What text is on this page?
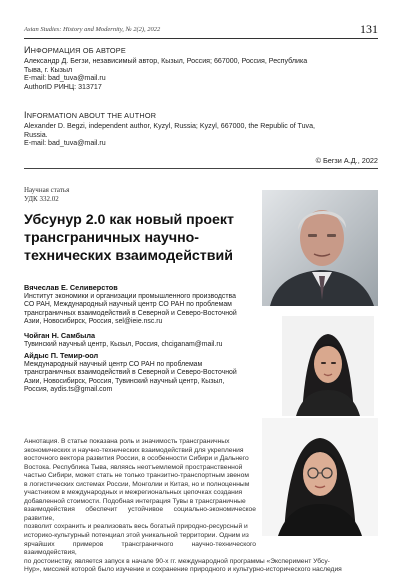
Asian Studies: History and Modernity, № 2(2), 2022	131
ИНФОРМАЦИЯ ОБ АВТОРЕ
Александр Д. Бегзи, независимый автор, Кызыл, Россия; 667000, Россия, Республика
Тыва, г. Кызыл
E-mail: bad_tuva@mail.ru
AuthorID РИНЦ: 313717
INFORMATION ABOUT THE AUTHOR
Alexander D. Begzi, independent author, Kyzyl, Russia; Kyzyl, 667000, the Republic of Tuva,
Russia.
E-mail: bad_tuva@mail.ru
© Бегзи А.Д., 2022
Научная статья
УДК 332.02
Убсунур 2.0 как новый проект
трансграничных научно-
технических взаимодействий
Вячеслав Е. Селиверстов
Институт экономики и организации промышленного производства
СО РАН, Международный научный центр СО РАН по проблемам
трансграничных взаимодействий в Северной и Северо-Восточной
Азии, Новосибирск, Россия, sel@ieie.nsc.ru
Чойган Н. Самбыла
Тувинский научный центр, Кызыл, Россия, chciganam@mail.ru
Айдыс П. Темир-оол
Международный научный центр СО РАН по проблемам
трансграничных взаимодействий в Северной и Северо-Восточной
Азии, Новосибирск, Россия, Тувинский научный центр, Кызыл,
Россия, aydis.ts@gmail.com
Аннотация. В статье показана роль и значимость трансграничных
экономических и научно-технических взаимодействий для укрепления
восточного вектора развития России, в особенности Сибири и Дальнего
Востока. Республика Тыва, являясь неотъемлемой пространственной
частью Сибири, может стать не только транзитно-транспортным звеном
в логистических системах России, Монголии и Китая, но и полноценным
участником в международных и межрегиональных цепочках создания
добавленной стоимости. Подобная интеграция Тувы в трансграничные
взаимодействия обеспечит устойчивое социально-экономическое развитие,
позволит сохранить и реализовать весь богатый природно-ресурсный и
историко-культурный потенциал этой уникальной территории. Одним из
ярчайших примеров трансграничного научно-технического взаимодействия,
по достоинству, является запуск в начале 90-х гг. международной программы «Эксперимент Убсу-
Нур», миссией которой было изучение и сохранение природного и культурно-исторического наследия
